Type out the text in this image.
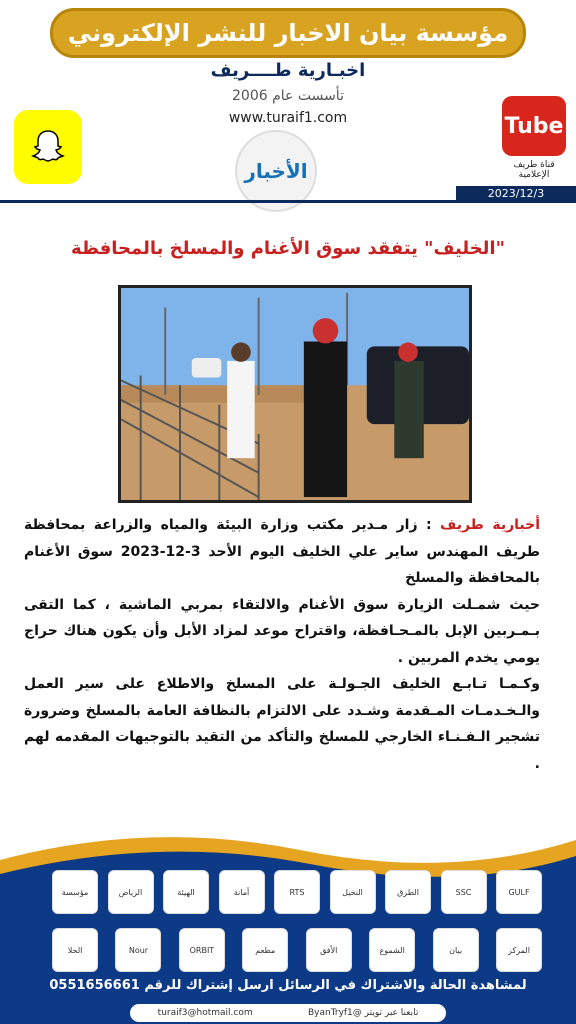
مؤسسة بيان الاخبار للنشر الإلكتروني
اخبـارية طــــريف
تأسست عام 2006
www.turaif1.com	Tube
قناة طريف الإعلامية
الأخبار
2023/12/3
"الخليف" يتفقد سوق الأغنام والمسلخ بالمحافظة
أخبارية طريف : زار مـدير مكتب وزارة البيئة والمياه والزراعة بمحافظة طريف المهندس ساير علي الخليف اليوم الأحد 3-12-2023 سوق الأغنام بالمحافظة والمسلخ
حيث شمـلت الزيارة سوق الأغنام والالتقاء بمربي الماشية ، كما التقى بـمـربين الإبل بالمـحـافظة، واقتراح موعد لمزاد الأبل وأن يكون هناك حراج يومي يخدم المربين .
وكـمـا تـابـع الخليف الجـولـة على المسلخ والاطلاع على سير العمل والـخـدمـات المـقدمة وشـدد على الالتزام بالنظافة العامة بالمسلخ وضرورة تشجير الـفـنـاء الخارجي للمسلخ والتأكد من التقيد بالتوجيهات المقدمه لهم .
GULF
SSC
الطرق
النخيل
RTS
أمانة
الهيئة
الرياض
مؤسسة
المركز
بيان
الشموع
الأفق
مطعم
ORBIT
Nour
الحلا
لمشاهدة الحالة والاشتراك في الرسائل ارسل إشتراك للرقم 0551656661
turaif3@hotmail.com	ByanTryf1@ تابعنا عبر تويتر
